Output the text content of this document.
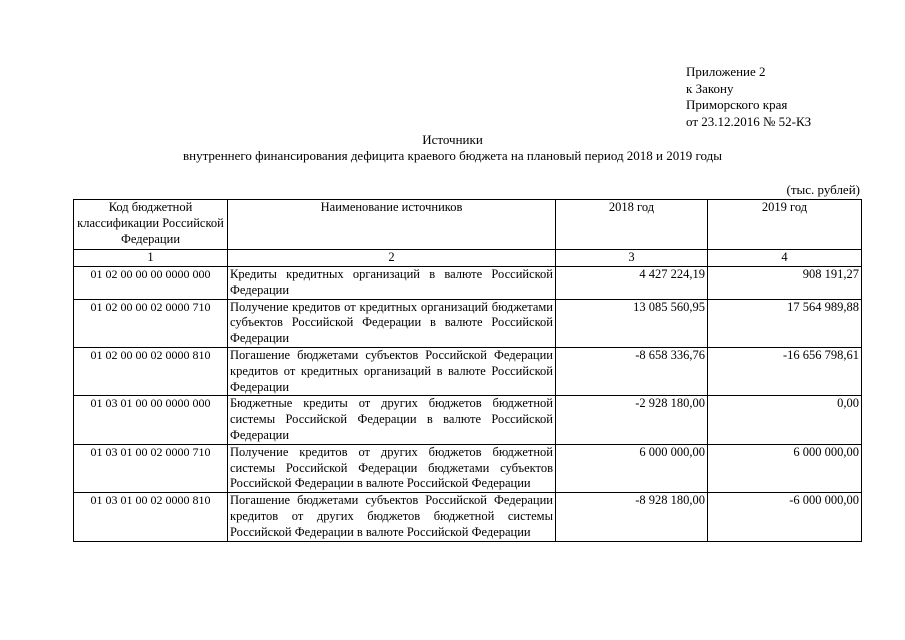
Приложение 2
к Закону
Приморского края
от 23.12.2016 № 52-КЗ
Источники
внутреннего финансирования дефицита краевого бюджета на плановый период 2018 и 2019 годы
(тыс. рублей)
Код бюджетной классификации Российской Федерации	Наименование источников	2018 год	2019 год
1	2	3	4
01 02 00 00 00 0000 000	Кредиты кредитных организаций в валюте Российской Федерации	4 427 224,19	908 191,27
01 02 00 00 02 0000 710	Получение кредитов от кредитных организаций бюджетами субъектов Российской Федерации в валюте Российской Федерации	13 085 560,95	17 564 989,88
01 02 00 00 02 0000 810	Погашение бюджетами субъектов Российской Федерации кредитов от кредитных организаций в валюте Российской Федерации	-8 658 336,76	-16 656 798,61
01 03 01 00 00 0000 000	Бюджетные кредиты от других бюджетов бюджетной системы Российской Федерации в валюте Российской Федерации	-2 928 180,00	0,00
01 03 01 00 02 0000 710	Получение кредитов от других бюджетов бюджетной системы Российской Федерации бюджетами субъектов Российской Федерации в валюте Российской Федерации	6 000 000,00	6 000 000,00
01 03 01 00 02 0000 810	Погашение бюджетами субъектов Российской Федерации кредитов от других бюджетов бюджетной системы Российской Федерации в валюте Российской Федерации	-8 928 180,00	-6 000 000,00
